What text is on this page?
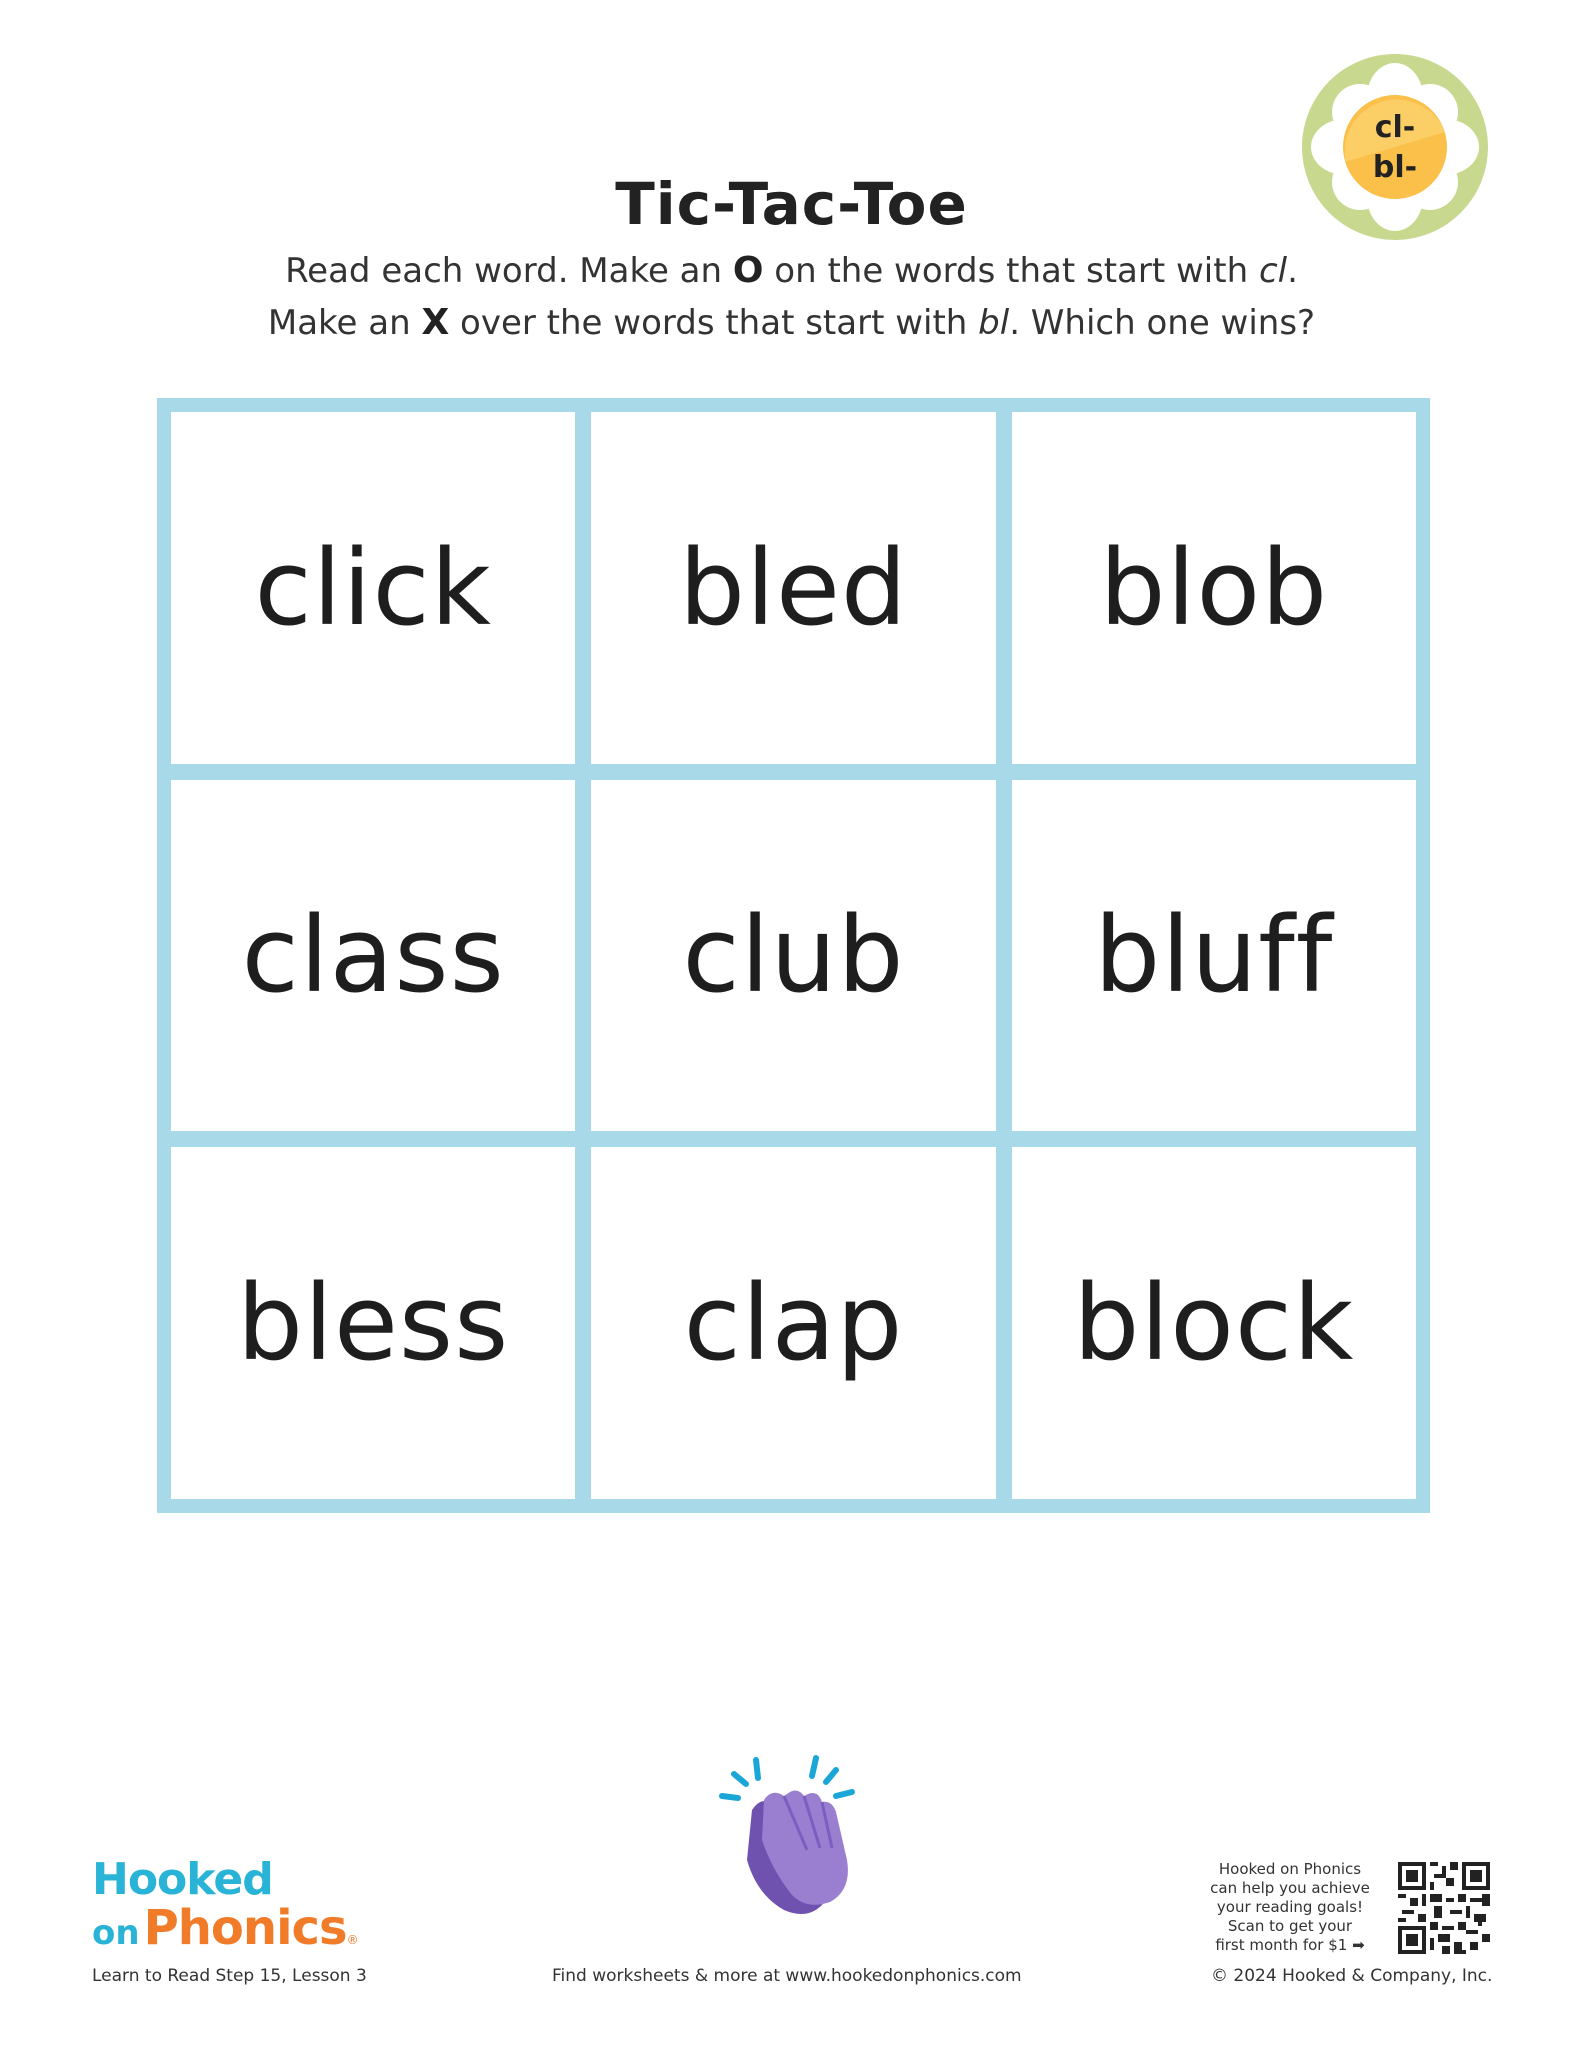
cl-
bl-
Tic-Tac-Toe
Read each word. Make an O on the words that start with cl.
Make an X over the words that start with bl. Which one wins?
click bled blob
class club bluff
bless clap block
Hooked
on Phonics ®
Learn to Read Step 15, Lesson 3	Find worksheets & more at www.hookedonphonics.com	© 2024 Hooked & Company, Inc.
Hooked on Phonics
can help you achieve
your reading goals!
Scan to get your
first month for $1 ➡
